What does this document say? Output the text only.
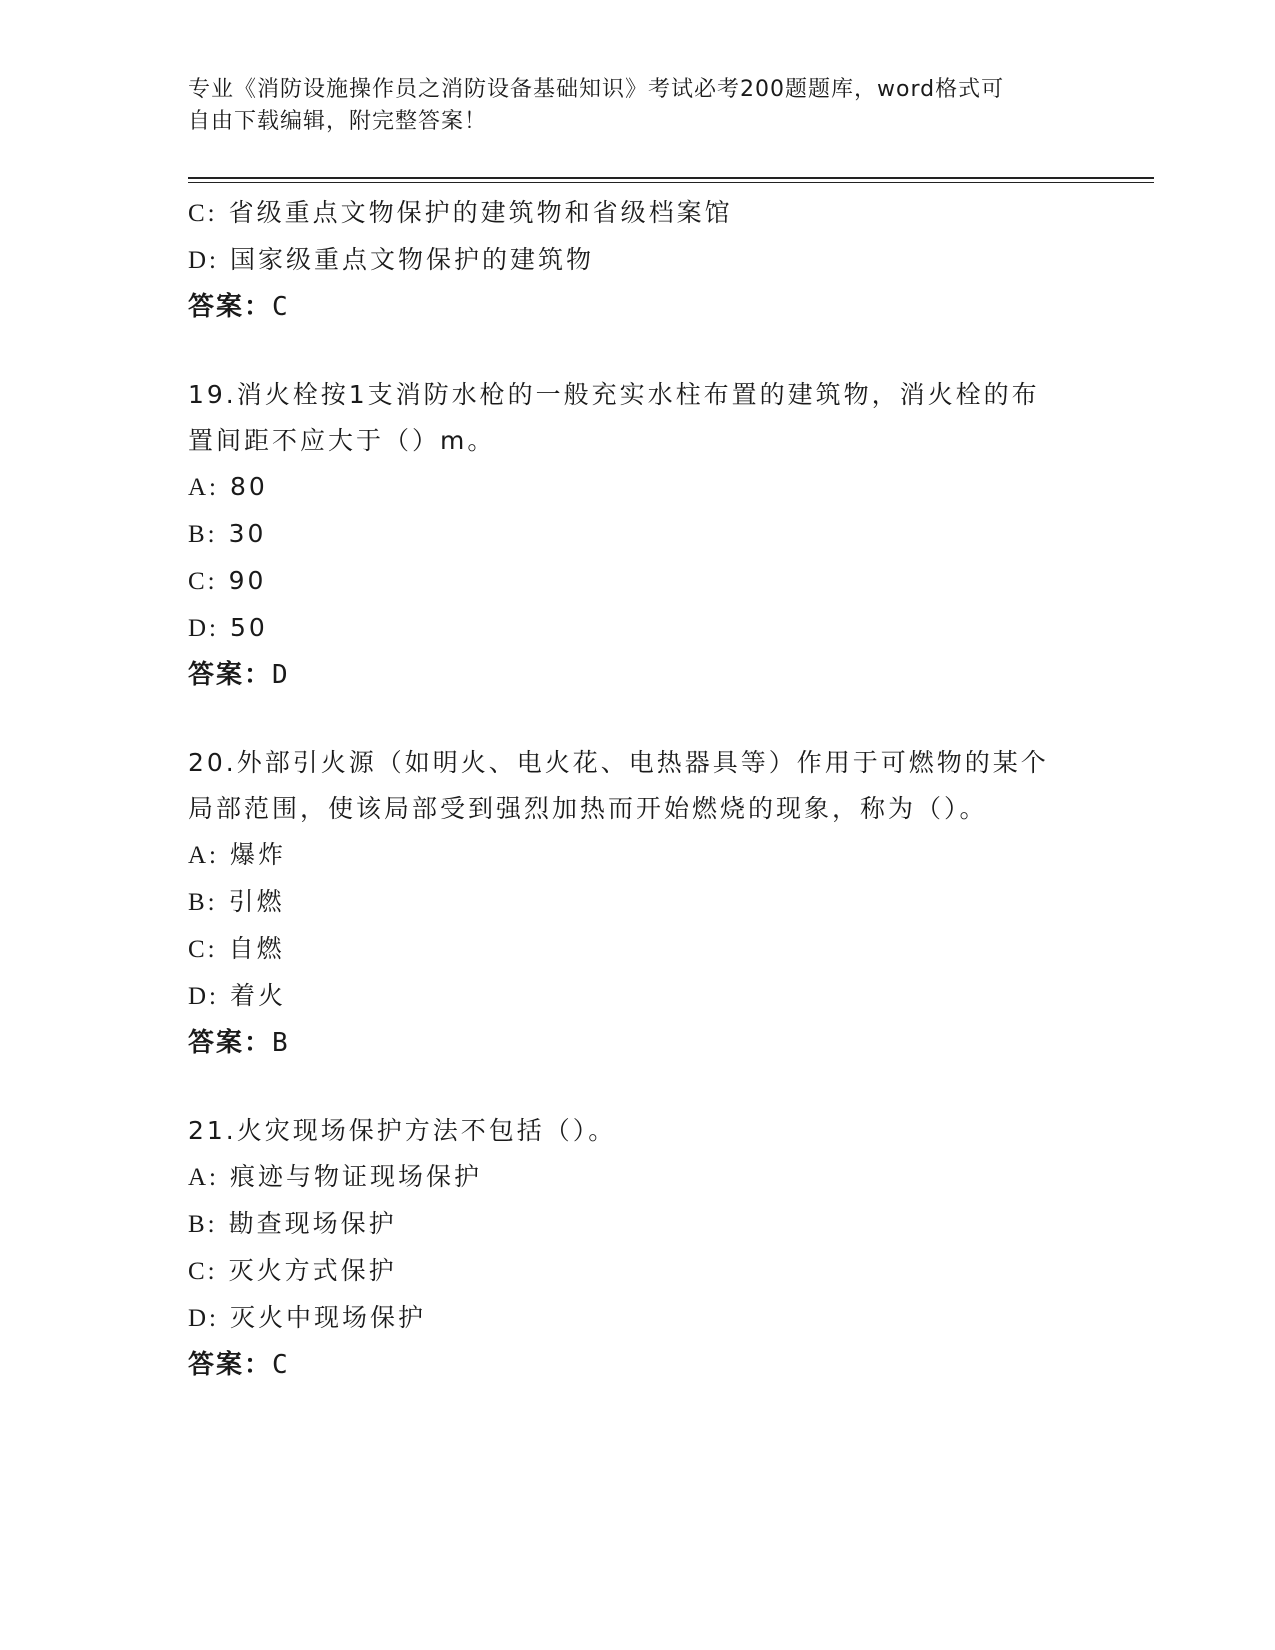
专业《消防设施操作员之消防设备基础知识》考试必考200题题库，word格式可
自由下载编辑，附完整答案！
C: 省级重点文物保护的建筑物和省级档案馆
D: 国家级重点文物保护的建筑物
答案：C
19.消火栓按1支消防水枪的一般充实水柱布置的建筑物，消火栓的布
置间距不应大于（）m。
A: 80
B: 30
C: 90
D: 50
答案：D
20.外部引火源（如明火、电火花、电热器具等）作用于可燃物的某个
局部范围，使该局部受到强烈加热而开始燃烧的现象，称为（）。
A: 爆炸
B: 引燃
C: 自燃
D: 着火
答案：B
21.火灾现场保护方法不包括（）。
A: 痕迹与物证现场保护
B: 勘查现场保护
C: 灭火方式保护
D: 灭火中现场保护
答案：C
